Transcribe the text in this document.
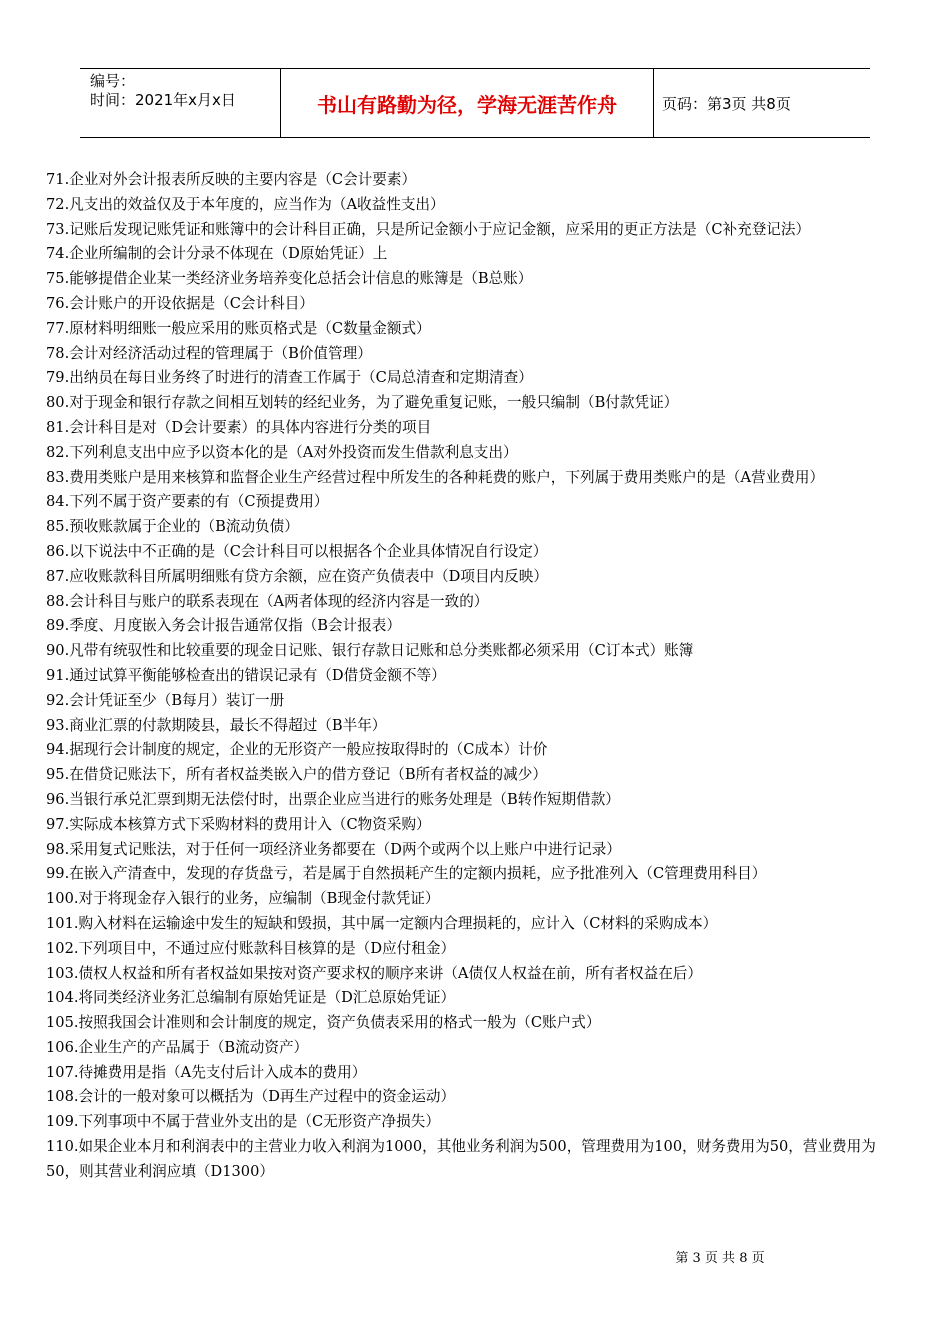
编号：
时间：2021年x月x日	书山有路勤为径，学海无涯苦作舟	页码：第3页 共8页

71.企业对外会计报表所反映的主要内容是（C会计要素）

72.凡支出的效益仅及于本年度的，应当作为（A收益性支出）

73.记账后发现记账凭证和账簿中的会计科目正确，只是所记金额小于应记金额，应采用的更正方法是（C补充登记法）

74.企业所编制的会计分录不体现在（D原始凭证）上

75.能够提借企业某一类经济业务培养变化总括会计信息的账簿是（B总账）

76.会计账户的开设依据是（C会计科目）

77.原材料明细账一般应采用的账页格式是（C数量金额式）

78.会计对经济活动过程的管理属于（B价值管理）

79.出纳员在每日业务终了时进行的清查工作属于（C局总清查和定期清查）

80.对于现金和银行存款之间相互划转的经纪业务，为了避免重复记账，一般只编制（B付款凭证）

81.会计科目是对（D会计要素）的具体内容进行分类的项目

82.下列利息支出中应予以资本化的是（A对外投资而发生借款利息支出）

83.费用类账户是用来核算和监督企业生产经营过程中所发生的各种耗费的账户，下列属于费用类账户的是（A营业费用）

84.下列不属于资产要素的有（C预提费用）

85.预收账款属于企业的（B流动负债）

86.以下说法中不正确的是（C会计科目可以根据各个企业具体情况自行设定）

87.应收账款科目所属明细账有贷方余额，应在资产负债表中（D项目内反映）

88.会计科目与账户的联系表现在（A两者体现的经济内容是一致的）

89.季度、月度嵌入务会计报告通常仅指（B会计报表）

90.凡带有统驭性和比较重要的现金日记账、银行存款日记账和总分类账都必须采用（C订本式）账簿

91.通过试算平衡能够检查出的错误记录有（D借贷金额不等）

92.会计凭证至少（B每月）装订一册

93.商业汇票的付款期陵县，最长不得超过（B半年）

94.据现行会计制度的规定，企业的无形资产一般应按取得时的（C成本）计价

95.在借贷记账法下，所有者权益类嵌入户的借方登记（B所有者权益的减少）

96.当银行承兑汇票到期无法偿付时，出票企业应当进行的账务处理是（B转作短期借款）

97.实际成本核算方式下采购材料的费用计入（C物资采购）

98.采用复式记账法，对于任何一项经济业务都要在（D两个或两个以上账户中进行记录）

99.在嵌入产清查中，发现的存货盘亏，若是属于自然损耗产生的定额内损耗，应予批准列入（C管理费用科目）

100.对于将现金存入银行的业务，应编制（B现金付款凭证）

101.购入材料在运输途中发生的短缺和毁损，其中属一定额内合理损耗的，应计入（C材料的采购成本）

102.下列项目中，不通过应付账款科目核算的是（D应付租金）

103.债权人权益和所有者权益如果按对资产要求权的顺序来讲（A债仅人权益在前，所有者权益在后）

104.将同类经济业务汇总编制有原始凭证是（D汇总原始凭证）

105.按照我国会计准则和会计制度的规定，资产负债表采用的格式一般为（C账户式）

106.企业生产的产品属于（B流动资产）

107.待摊费用是指（A先支付后计入成本的费用）

108.会计的一般对象可以概括为（D再生产过程中的资金运动）

109.下列事项中不属于营业外支出的是（C无形资产净损失）

110.如果企业本月和利润表中的主营业力收入利润为1000，其他业务利润为500，管理费用为100，财务费用为50，营业费用为50，则其营业利润应填（D1300）

第 3 页 共 8 页
